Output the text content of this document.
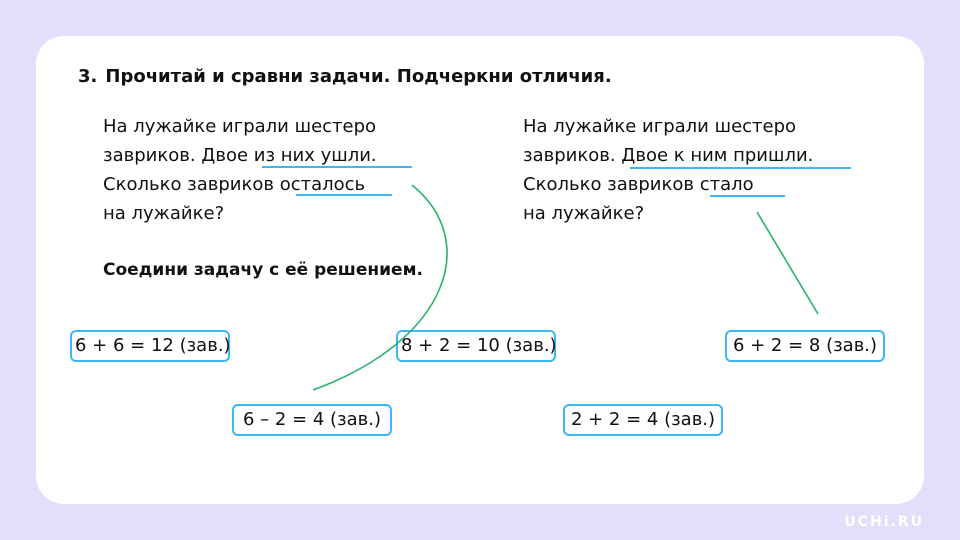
3. Прочитай и сравни задачи. Подчеркни отличия.
На лужайке играли шестеро
завриков. Двое из них ушли.
Сколько завриков осталось
на лужайке?
На лужайке играли шестеро
завриков. Двое к ним пришли.
Сколько завриков стало
на лужайке?
Соедини задачу с её решением.
6 + 6 = 12 (зав.)	8 + 2 = 10 (зав.)	6 + 2 = 8 (зав.)
6 – 2 = 4 (зав.)	2 + 2 = 4 (зав.)
UCHi.RU
